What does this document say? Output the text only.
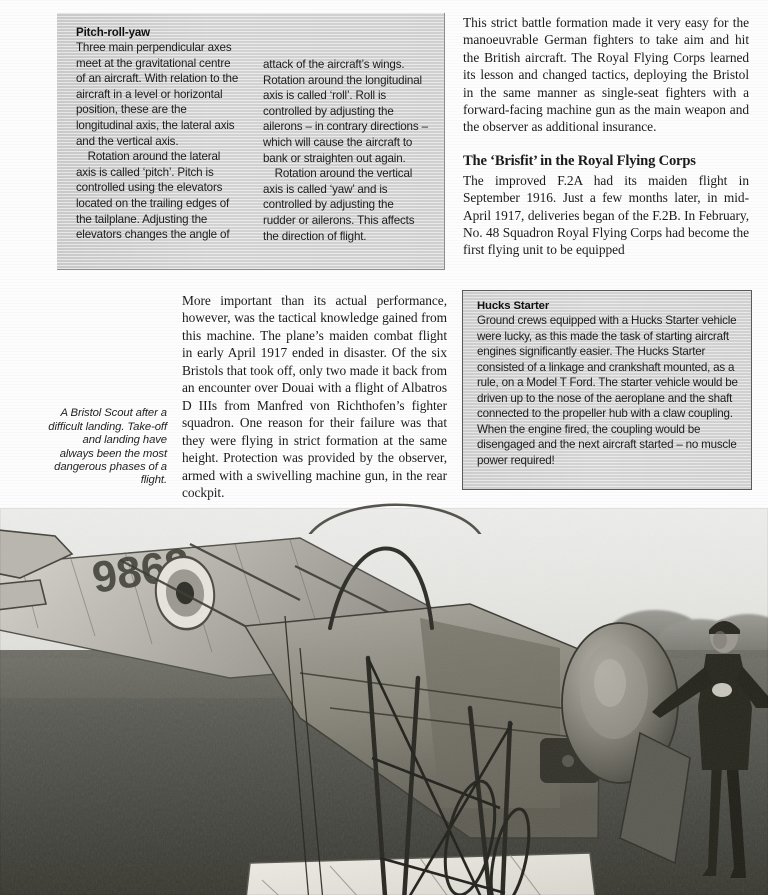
Pitch-roll-yaw

Three main perpendicular axes meet at the gravitational centre of an aircraft. With relation to the aircraft in a level or horizontal position, these are the longitudinal axis, the lateral axis and the vertical axis.

Rotation around the lateral axis is called ‘pitch’. Pitch is controlled using the elevators located on the trailing edges of the tailplane. Adjusting the elevators changes the angle of

attack of the aircraft’s wings. Rotation around the longitudinal axis is called ‘roll’. Roll is controlled by adjusting the ailerons – in contrary directions – which will cause the aircraft to bank or straighten out again.

Rotation around the vertical axis is called ‘yaw’ and is controlled by adjusting the rudder or ailerons. This affects the direction of flight.

This strict battle formation made it very easy for the manoeuvrable German fighters to take aim and hit the British aircraft. The Royal Flying Corps learned its lesson and changed tactics, deploying the Bristol in the same manner as single-seat fighters with a forward-facing machine gun as the main weapon and the observer as additional insurance.

The ‘Brisfit’ in the Royal Flying Corps

The improved F.2A had its maiden flight in September 1916. Just a few months later, in mid-April 1917, deliveries began of the F.2B. In February, No. 48 Squadron Royal Flying Corps had become the first flying unit to be equipped

Hucks Starter

Ground crews equipped with a Hucks Starter vehicle were lucky, as this made the task of starting aircraft engines significantly easier. The Hucks Starter consisted of a linkage and crankshaft mounted, as a rule, on a Model T Ford. The starter vehicle would be driven up to the nose of the aeroplane and the shaft connected to the propeller hub with a claw coupling. When the engine fired, the coupling would be disengaged and the next aircraft started – no muscle power required!

More important than its actual performance, however, was the tactical knowledge gained from this machine. The plane’s maiden combat flight in early April 1917 ended in disaster. Of the six Bristols that took off, only two made it back from an encounter over Douai with a flight of Albatros D IIIs from Manfred von Richthofen’s fighter squadron. One reason for their failure was that they were flying in strict formation at the same height. Protection was provided by the observer, armed with a swivelling machine gun, in the rear cockpit.

A Bristol Scout after a difficult landing. Take-off and landing have always been the most dangerous phases of a flight.
